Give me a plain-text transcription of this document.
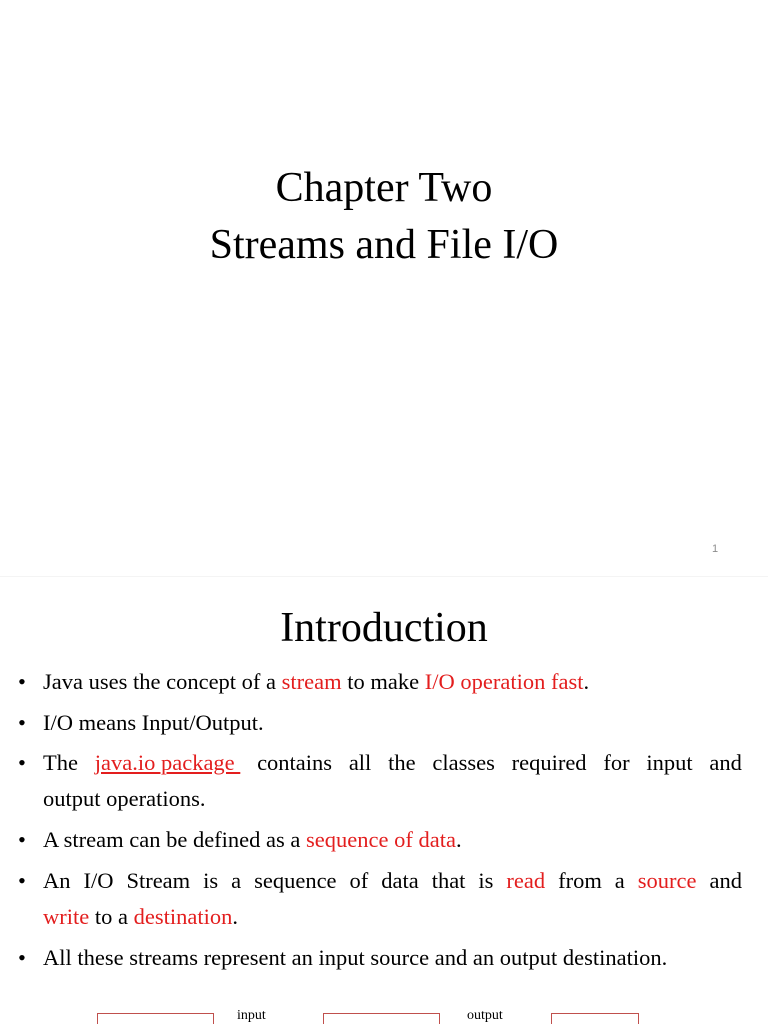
Chapter Two
Streams and File I/O
1
Introduction
• Java uses the concept of a stream to make I/O operation fast.
• I/O means Input/Output.
• The java.io package contains all the classes required for input and
output operations.
• A stream can be defined as a sequence of data.
• An I/O Stream is a sequence of data that is read from a source and
write to a destination.
• All these streams represent an input source and an output destination.
input	output
